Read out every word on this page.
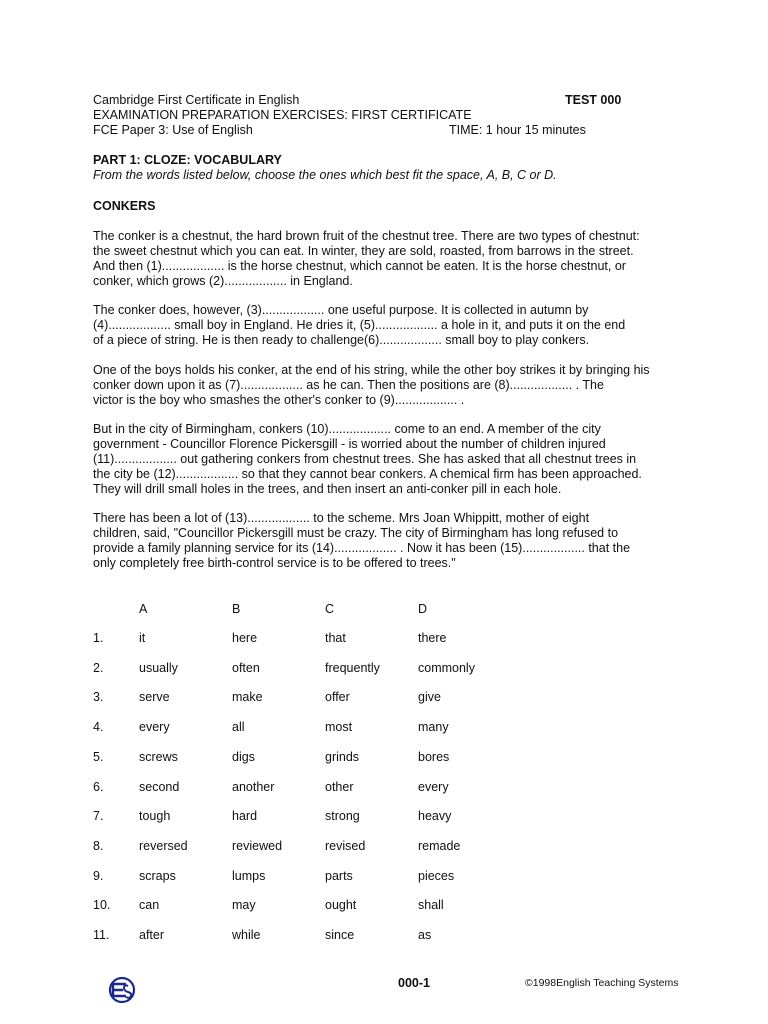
Cambridge First Certificate in English	TEST 000
EXAMINATION PREPARATION EXERCISES: FIRST CERTIFICATE
FCE Paper 3: Use of English	TIME: 1 hour 15 minutes
PART 1: CLOZE: VOCABULARY
From the words listed below, choose the ones which best fit the space, A, B, C or D.
CONKERS
The conker is a chestnut, the hard brown fruit of the chestnut tree. There are two types of chestnut:
the sweet chestnut which you can eat. In winter, they are sold, roasted, from barrows in the street.
And then (1).................. is the horse chestnut, which cannot be eaten. It is the horse chestnut, or
conker, which grows (2).................. in England.
The conker does, however, (3).................. one useful purpose. It is collected in autumn by
(4).................. small boy in England. He dries it, (5).................. a hole in it, and puts it on the end
of a piece of string. He is then ready to challenge(6).................. small boy to play conkers.
One of the boys holds his conker, at the end of his string, while the other boy strikes it by bringing his
conker down upon it as (7).................. as he can. Then the positions are (8).................. . The
victor is the boy who smashes the other's conker to (9).................. .
But in the city of Birmingham, conkers (10).................. come to an end. A member of the city
government - Councillor Florence Pickersgill - is worried about the number of children injured
(11).................. out gathering conkers from chestnut trees. She has asked that all chestnut trees in
the city be (12).................. so that they cannot bear conkers. A chemical firm has been approached.
They will drill small holes in the trees, and then insert an anti-conker pill in each hole.
There has been a lot of (13).................. to the scheme. Mrs Joan Whippitt, mother of eight
children, said, "Councillor Pickersgill must be crazy. The city of Birmingham has long refused to
provide a family planning service for its (14).................. . Now it has been (15).................. that the
only completely free birth-control service is to be offered to trees."
A	B	C	D
1.	it	here	that	there
2.	usually	often	frequently	commonly
3.	serve	make	offer	give
4.	every	all	most	many
5.	screws	digs	grinds	bores
6.	second	another	other	every
7.	tough	hard	strong	heavy
8.	reversed	reviewed	revised	remade
9.	scraps	lumps	parts	pieces
10. can	may	ought	shall
11. after	while	since	as
000-1	©1998English Teaching Systems
